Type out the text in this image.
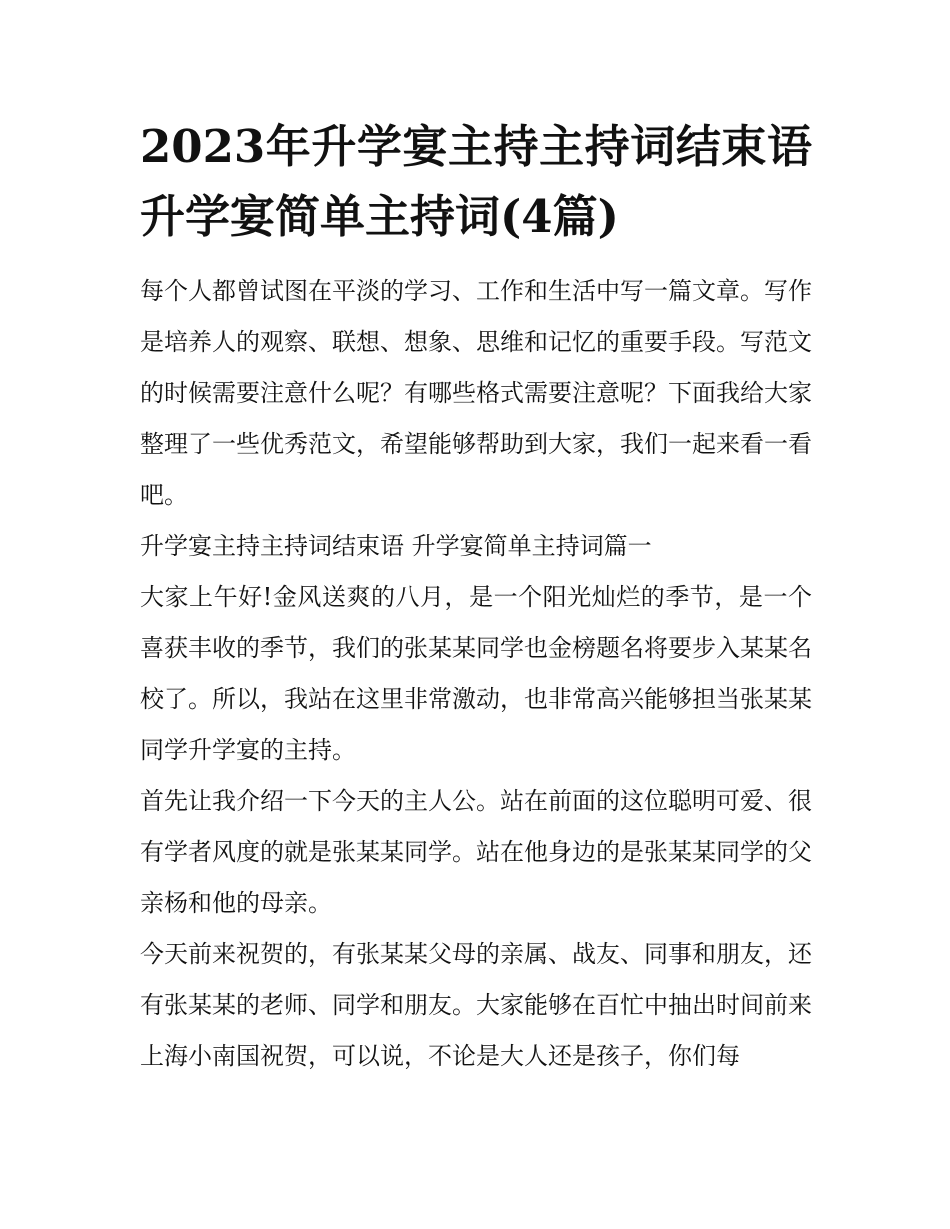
2023年升学宴主持主持词结束语 升学宴简单主持词(4篇)

每个人都曾试图在平淡的学习、工作和生活中写一篇文章。写作是培养人的观察、联想、想象、思维和记忆的重要手段。写范文的时候需要注意什么呢？有哪些格式需要注意呢？下面我给大家整理了一些优秀范文，希望能够帮助到大家，我们一起来看一看吧。

升学宴主持主持词结束语 升学宴简单主持词篇一

大家上午好!金风送爽的八月，是一个阳光灿烂的季节，是一个喜获丰收的季节，我们的张某某同学也金榜题名将要步入某某名校了。所以，我站在这里非常激动，也非常高兴能够担当张某某同学升学宴的主持。

首先让我介绍一下今天的主人公。站在前面的这位聪明可爱、很有学者风度的就是张某某同学。站在他身边的是张某某同学的父亲杨和他的母亲。

今天前来祝贺的，有张某某父母的亲属、战友、同事和朋友，还有张某某的老师、同学和朋友。大家能够在百忙中抽出时间前来上海小南国祝贺，可以说，不论是大人还是孩子，你们每
